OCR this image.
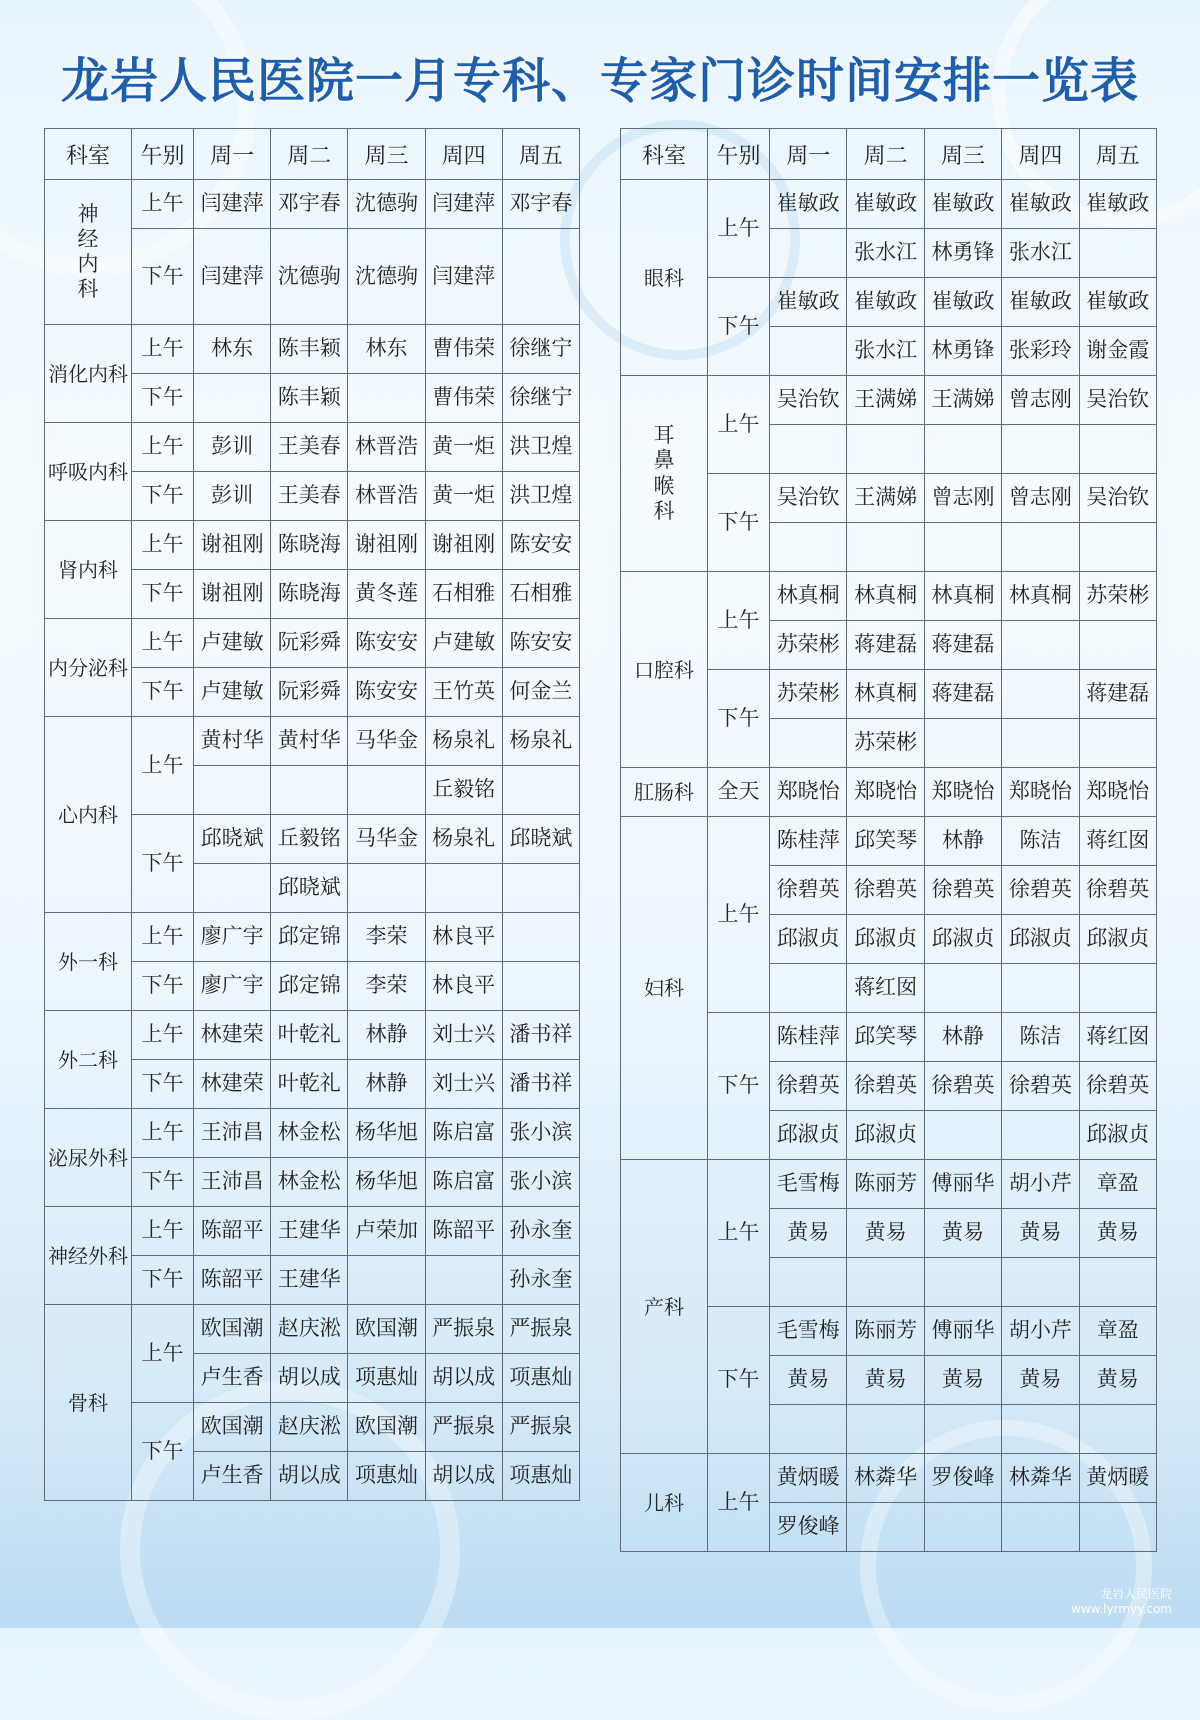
龙岩人民医院一月专科、专家门诊时间安排一览表
科室	午别	周一	周二	周三	周四	周五

神经内科	上午	闫建萍	邓宇春	沈德驹	闫建萍	邓宇春
	下午	闫建萍	沈德驹	沈德驹	闫建萍	
消化内科	上午	林东	陈丰颖	林东	曹伟荣	徐继宁
	下午		陈丰颖		曹伟荣	徐继宁
呼吸内科	上午	彭训	王美春	林晋浩	黄一炬	洪卫煌
	下午	彭训	王美春	林晋浩	黄一炬	洪卫煌
肾内科	上午	谢祖刚	陈晓海	谢祖刚	谢祖刚	陈安安
	下午	谢祖刚	陈晓海	黄冬莲	石相雅	石相雅
内分泌科	上午	卢建敏	阮彩舜	陈安安	卢建敏	陈安安
	下午	卢建敏	阮彩舜	陈安安	王竹英	何金兰
心内科	上午	黄村华	黄村华	马华金	杨泉礼	杨泉礼
					丘毅铭	
	下午	邱晓斌	丘毅铭	马华金	杨泉礼	邱晓斌
			邱晓斌			
外一科	上午	廖广宇	邱定锦	李荣	林良平	
	下午	廖广宇	邱定锦	李荣	林良平	
外二科	上午	林建荣	叶乾礼	林静	刘士兴	潘书祥
	下午	林建荣	叶乾礼	林静	刘士兴	潘书祥
泌尿外科	上午	王沛昌	林金松	杨华旭	陈启富	张小滨
	下午	王沛昌	林金松	杨华旭	陈启富	张小滨
神经外科	上午	陈韶平	王建华	卢荣加	陈韶平	孙永奎
	下午	陈韶平	王建华			孙永奎
骨科	上午	欧国潮	赵庆淞	欧国潮	严振泉	严振泉
		卢生香	胡以成	项惠灿	胡以成	项惠灿
	下午	欧国潮	赵庆淞	欧国潮	严振泉	严振泉
		卢生香	胡以成	项惠灿	胡以成	项惠灿
科室	午别	周一	周二	周三	周四	周五
眼科	上午	崔敏政	崔敏政	崔敏政	崔敏政	崔敏政
			张水江	林勇锋	张水江	
	下午	崔敏政	崔敏政	崔敏政	崔敏政	崔敏政
			张水江	林勇锋	张彩玲	谢金霞

耳鼻喉科	上午	吴治钦	王满娣	王满娣	曾志刚	吴治钦

	下午	吴治钦	王满娣	曾志刚	曾志刚	吴治钦

口腔科	上午	林真桐	林真桐	林真桐	林真桐	苏荣彬
		苏荣彬	蒋建磊	蒋建磊		
	下午	苏荣彬	林真桐	蒋建磊		蒋建磊
			苏荣彬			
肛肠科	全天	郑晓怡	郑晓怡	郑晓怡	郑晓怡	郑晓怡
妇科	上午	陈桂萍	邱笑琴	林静	陈洁	蒋红囡
		徐碧英	徐碧英	徐碧英	徐碧英	徐碧英
		邱淑贞	邱淑贞	邱淑贞	邱淑贞	邱淑贞
			蒋红囡			
	下午	陈桂萍	邱笑琴	林静	陈洁	蒋红囡
		徐碧英	徐碧英	徐碧英	徐碧英	徐碧英
		邱淑贞	邱淑贞			邱淑贞
产科	上午	毛雪梅	陈丽芳	傅丽华	胡小芹	章盈
		黄易	黄易	黄易	黄易	黄易

	下午	毛雪梅	陈丽芳	傅丽华	胡小芹	章盈
		黄易	黄易	黄易	黄易	黄易

儿科	上午	黄炳暖	林粦华	罗俊峰	林粦华	黄炳暖
		罗俊峰				
龙岩人民医院
www.lyrmyy.com
